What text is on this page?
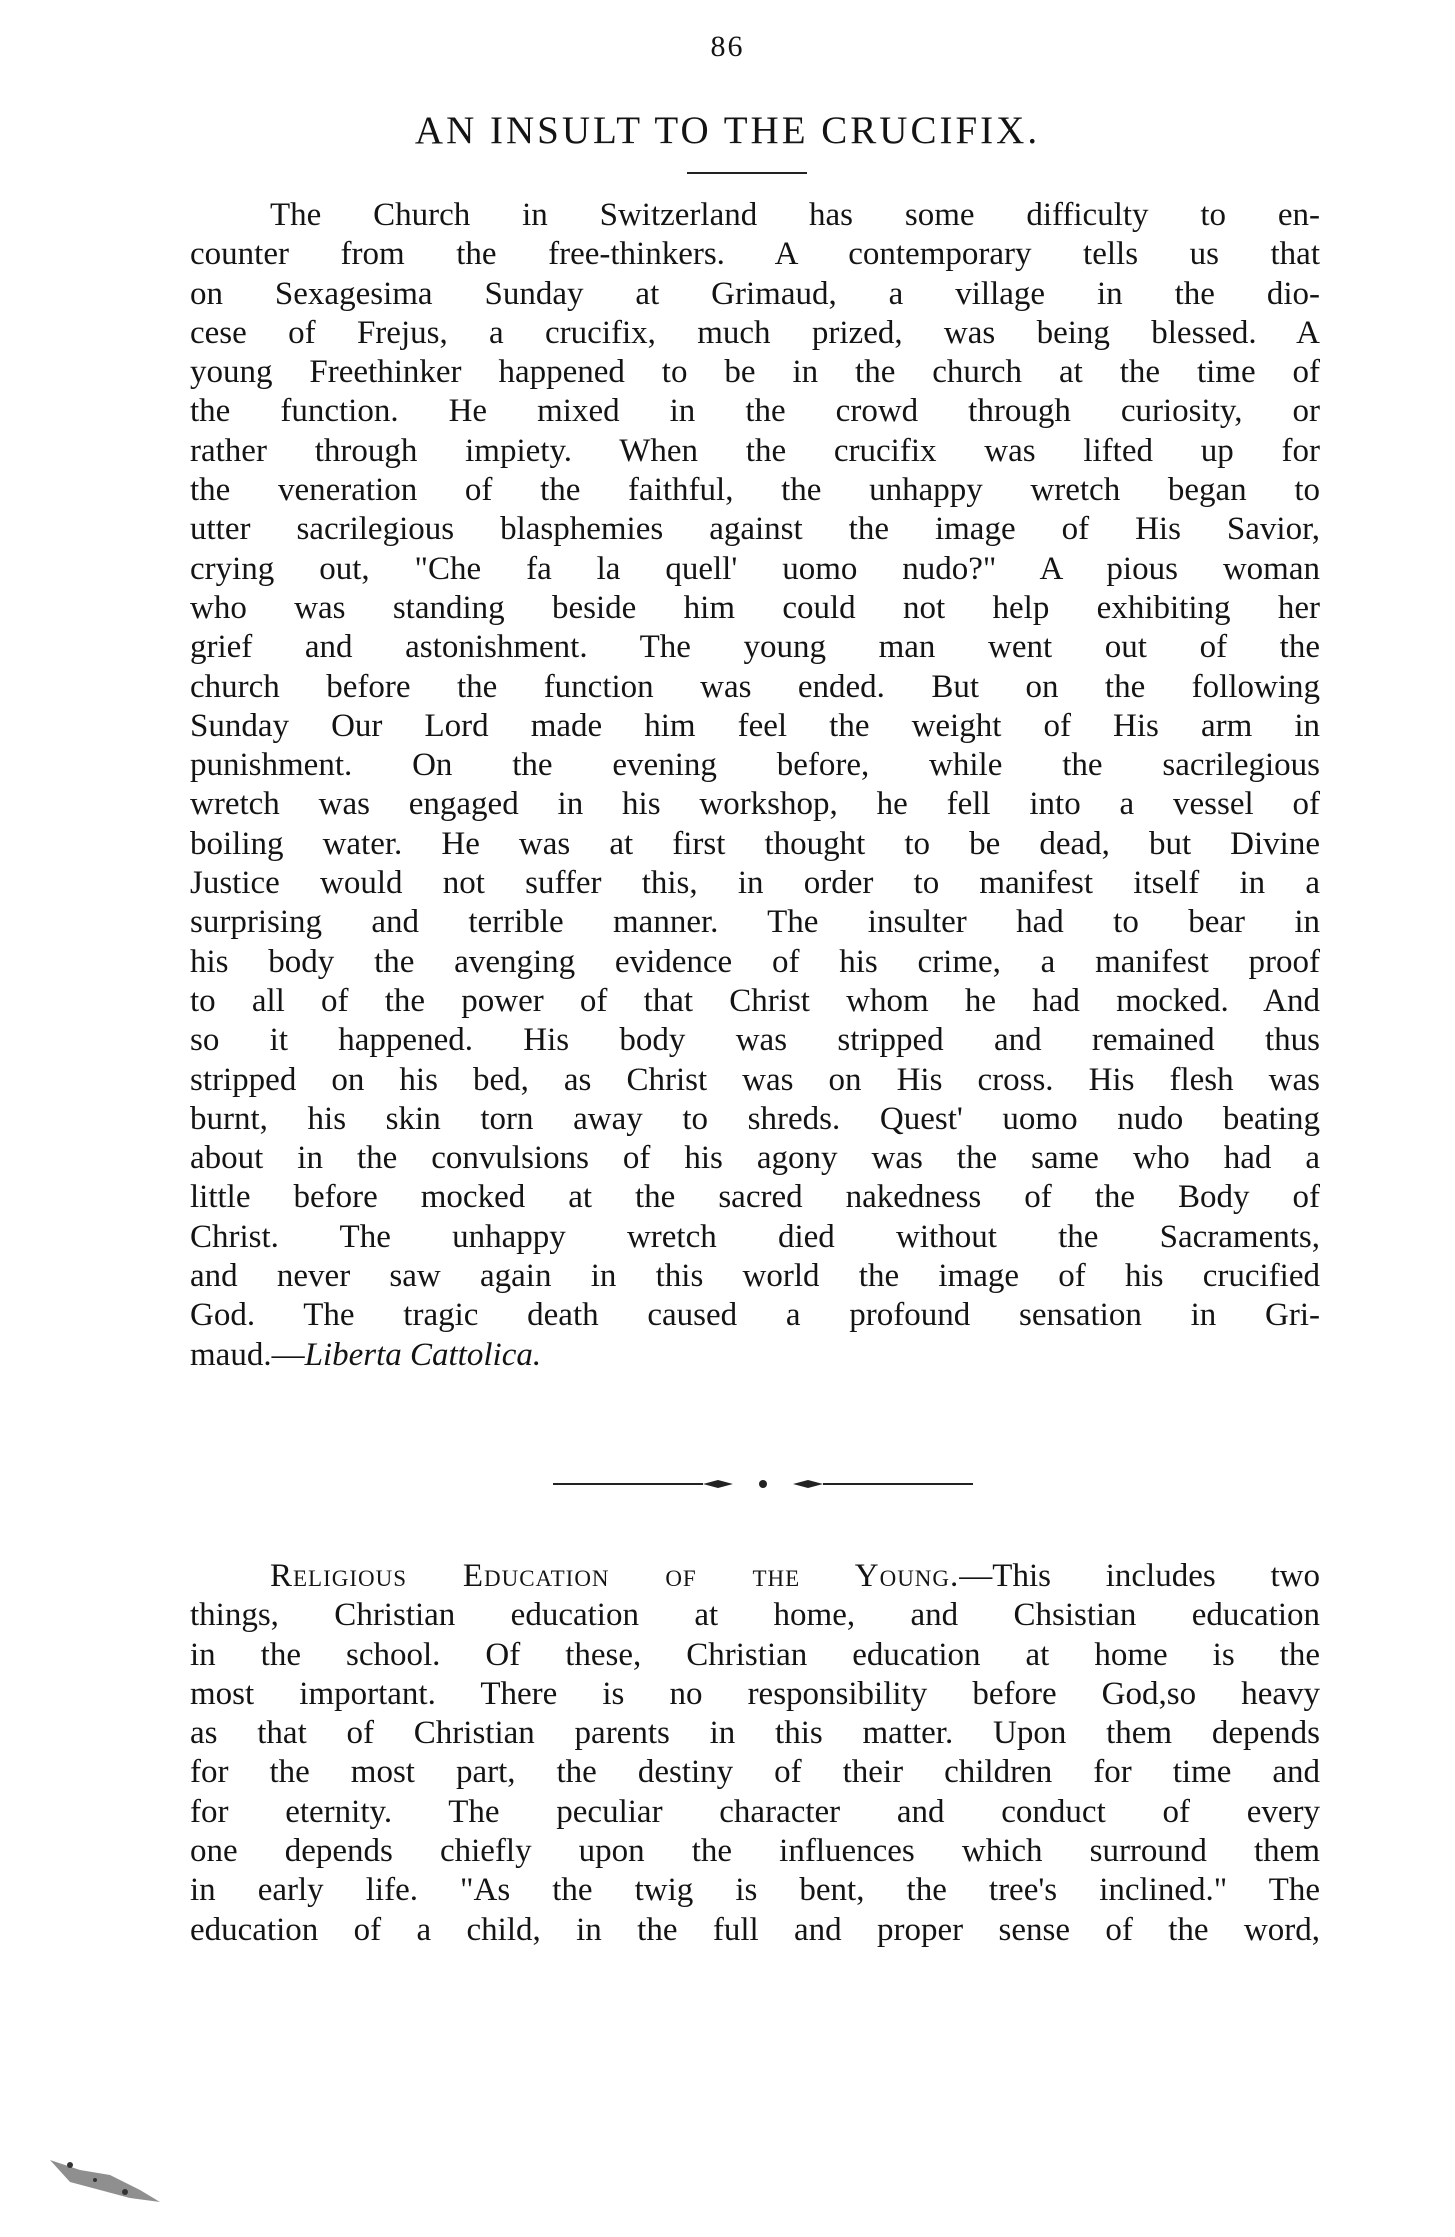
86
AN INSULT TO THE CRUCIFIX.
The Church in Switzerland has some difficulty to en-
counter from the free-thinkers. A contemporary tells us that
on Sexagesima Sunday at Grimaud, a village in the dio-
cese of Frejus, a crucifix, much prized, was being blessed. A
young Freethinker happened to be in the church at the time of
the function. He mixed in the crowd through curiosity, or
rather through impiety. When the crucifix was lifted up for
the veneration of the faithful, the unhappy wretch began to
utter sacrilegious blasphemies against the image of His Savior,
crying out, "Che fa la quell' uomo nudo?" A pious woman
who was standing beside him could not help exhibiting her
grief and astonishment. The young man went out of the
church before the function was ended. But on the following
Sunday Our Lord made him feel the weight of His arm in
punishment. On the evening before, while the sacrilegious
wretch was engaged in his workshop, he fell into a vessel of
boiling water. He was at first thought to be dead, but Divine
Justice would not suffer this, in order to manifest itself in a
surprising and terrible manner. The insulter had to bear in
his body the avenging evidence of his crime, a manifest proof
to all of the power of that Christ whom he had mocked. And
so it happened. His body was stripped and remained thus
stripped on his bed, as Christ was on His cross. His flesh was
burnt, his skin torn away to shreds. Quest' uomo nudo beating
about in the convulsions of his agony was the same who had a
little before mocked at the sacred nakedness of the Body of
Christ. The unhappy wretch died without the Sacraments,
and never saw again in this world the image of his crucified
God. The tragic death caused a profound sensation in Gri-
maud.—Liberta Cattolica.
Religious Education of the Young.—This includes two
things, Christian education at home, and Chsistian education
in the school. Of these, Christian education at home is the
most important. There is no responsibility before God,so heavy
as that of Christian parents in this matter. Upon them depends
for the most part, the destiny of their children for time and
for eternity. The peculiar character and conduct of every
one depends chiefly upon the influences which surround them
in early life. "As the twig is bent, the tree's inclined." The
education of a child, in the full and proper sense of the word,
